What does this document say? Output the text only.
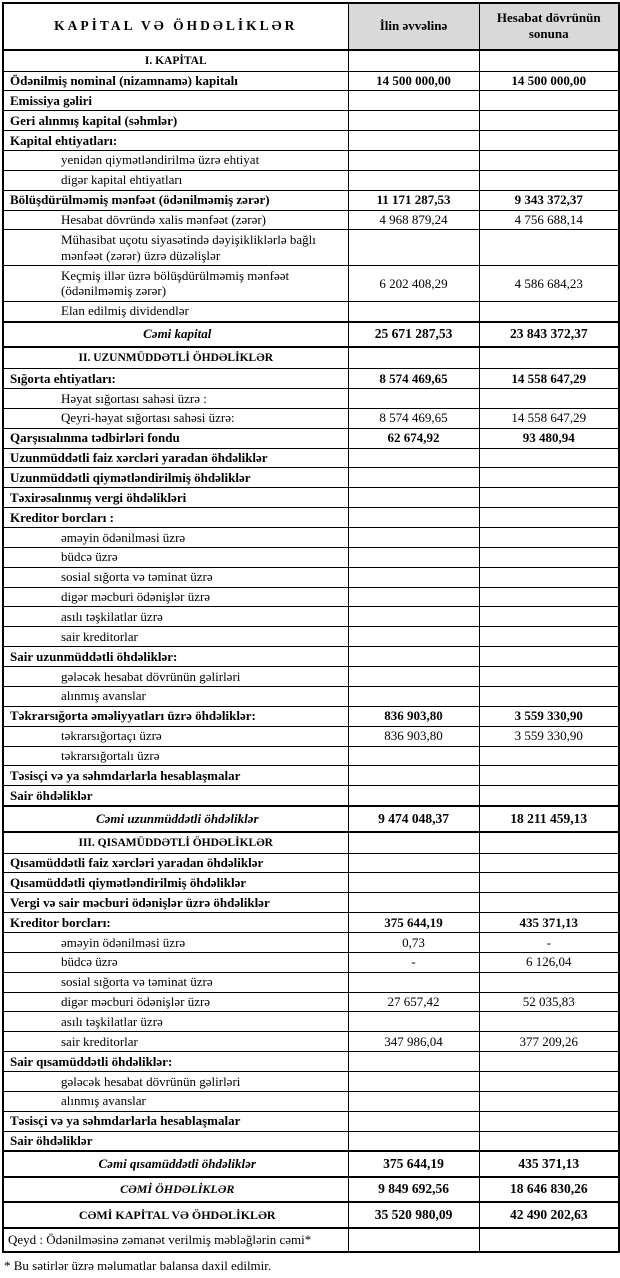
KAPİTAL VƏ ÖHDƏLİKLƏR	İlin əvvəlinə	Hesabat dövrünün sonuna
I. KAPİTAL		
Ödənilmiş nominal (nizamnamə) kapitalı	14 500 000,00	14 500 000,00
Emissiya gəliri		
Geri alınmış kapital (səhmlər)		
Kapital ehtiyatları:		
yenidən qiymətləndirilmə üzrə ehtiyat		
digər kapital ehtiyatları		
Bölüşdürülməmiş mənfəət (ödənilməmiş zərər)	11 171 287,53	9 343 372,37
Hesabat dövründə xalis mənfəət (zərər)	4 968 879,24	4 756 688,14
Mühasibat uçotu siyasətində dəyişikliklərlə bağlı mənfəət (zərər) üzrə düzəlişlər		
Keçmiş illər üzrə bölüşdürülməmiş mənfəət (ödənilməmiş zərər)	6 202 408,29	4 586 684,23
Elan edilmiş dividendlər		
Cəmi kapital	25 671 287,53	23 843 372,37
II. UZUNMÜDDƏTLİ ÖHDƏLİKLƏR		
Sığorta ehtiyatları:	8 574 469,65	14 558 647,29
Həyat sığortası sahəsi üzrə :		
Qeyri-həyat sığortası sahəsi üzrə:	8 574 469,65	14 558 647,29
Qarşısıalınma tədbirləri fondu	62 674,92	93 480,94
Uzunmüddətli faiz xərcləri yaradan öhdəliklər		
Uzunmüddətli qiymətləndirilmiş öhdəliklər		
Təxirəsalınmış vergi öhdəlikləri		
Kreditor borcları :		
əməyin ödənilməsi üzrə		
büdcə üzrə		
sosial sığorta və təminat üzrə		
digər məcburi ödənişlər üzrə		
asılı təşkilatlar üzrə		
sair kreditorlar		
Sair uzunmüddətli öhdəliklər:		
gələcək hesabat dövrünün gəlirləri		
alınmış avanslar		
Təkrarsığorta əməliyyatları üzrə öhdəliklər:	836 903,80	3 559 330,90
təkrarsığortaçı üzrə	836 903,80	3 559 330,90
təkrarsığortalı üzrə		
Təsisçi və ya səhmdarlarla hesablaşmalar		
Sair öhdəliklər		
Cəmi uzunmüddətli öhdəliklər	9 474 048,37	18 211 459,13
III. QISAMÜDDƏTLİ ÖHDƏLİKLƏR		
Qısamüddətli faiz xərcləri yaradan öhdəliklər		
Qısamüddətli qiymətləndirilmiş öhdəliklər		
Vergi və sair məcburi ödənişlər üzrə öhdəliklər		
Kreditor borcları:	375 644,19	435 371,13
əməyin ödənilməsi üzrə	0,73	-
büdcə üzrə	-	6 126,04
sosial sığorta və təminat üzrə		
digər məcburi ödənişlər üzrə	27 657,42	52 035,83
asılı təşkilatlar üzrə		
sair kreditorlar	347 986,04	377 209,26
Sair qısamüddətli öhdəliklər:		
gələcək hesabat dövrünün gəlirləri		
alınmış avanslar		
Təsisçi və ya səhmdarlarla hesablaşmalar		
Sair öhdəliklər		
Cəmi qısamüddətli öhdəliklər	375 644,19	435 371,13
CƏMİ ÖHDƏLİKLƏR	9 849 692,56	18 646 830,26
CƏMİ KAPİTAL VƏ ÖHDƏLİKLƏR	35 520 980,09	42 490 202,63
Qeyd : Ödənilməsinə zəmanət verilmiş məbləğlərin cəmi*		
* Bu sətirlər üzrə məlumatlar balansa daxil edilmir.
